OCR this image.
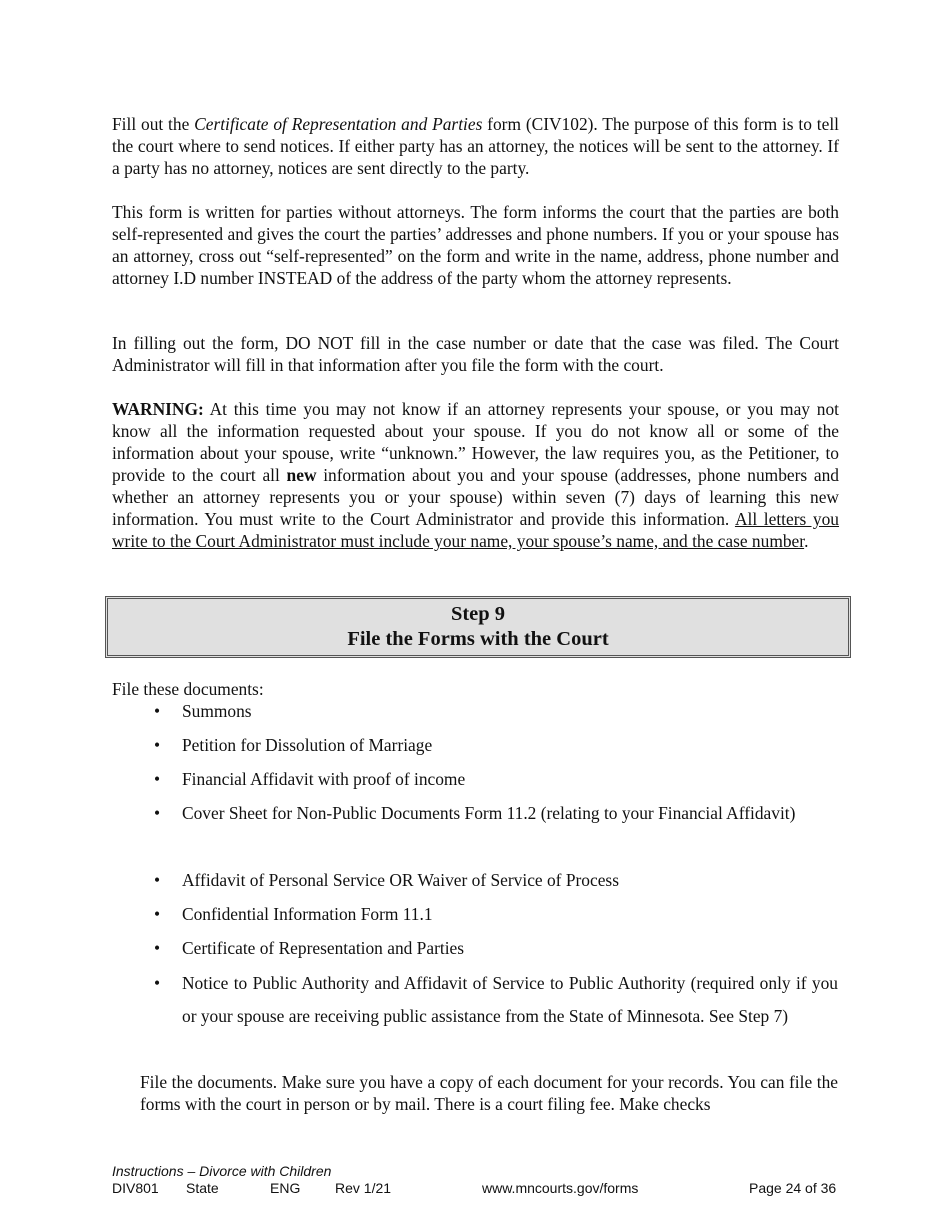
Fill out the Certificate of Representation and Parties form (CIV102). The purpose of this form is to tell the court where to send notices. If either party has an attorney, the notices will be sent to the attorney. If a party has no attorney, notices are sent directly to the party.

This form is written for parties without attorneys. The form informs the court that the parties are both self-represented and gives the court the parties’ addresses and phone numbers. If you or your spouse has an attorney, cross out “self-represented” on the form and write in the name, address, phone number and attorney I.D number INSTEAD of the address of the party whom the attorney represents.

In filling out the form, DO NOT fill in the case number or date that the case was filed. The Court Administrator will fill in that information after you file the form with the court.

WARNING: At this time you may not know if an attorney represents your spouse, or you may not know all the information requested about your spouse. If you do not know all or some of the information about your spouse, write “unknown.” However, the law requires you, as the Petitioner, to provide to the court all new information about you and your spouse (addresses, phone numbers and whether an attorney represents you or your spouse) within seven (7) days of learning this new information. You must write to the Court Administrator and provide this information. All letters you write to the Court Administrator must include your name, your spouse’s name, and the case number.

Step 9
File the Forms with the Court

File these documents:

• Summons
• Petition for Dissolution of Marriage
• Financial Affidavit with proof of income
• Cover Sheet for Non-Public Documents Form 11.2 (relating to your Financial Affidavit)
• Affidavit of Personal Service OR Waiver of Service of Process
• Confidential Information Form 11.1
• Certificate of Representation and Parties
• Notice to Public Authority and Affidavit of Service to Public Authority (required only if you or your spouse are receiving public assistance from the State of Minnesota. See Step 7)

File the documents. Make sure you have a copy of each document for your records. You can file the forms with the court in person or by mail. There is a court filing fee. Make checks

Instructions – Divorce with Children
DIV801 State	ENG Rev 1/21	www.mncourts.gov/forms	Page 24 of 36
